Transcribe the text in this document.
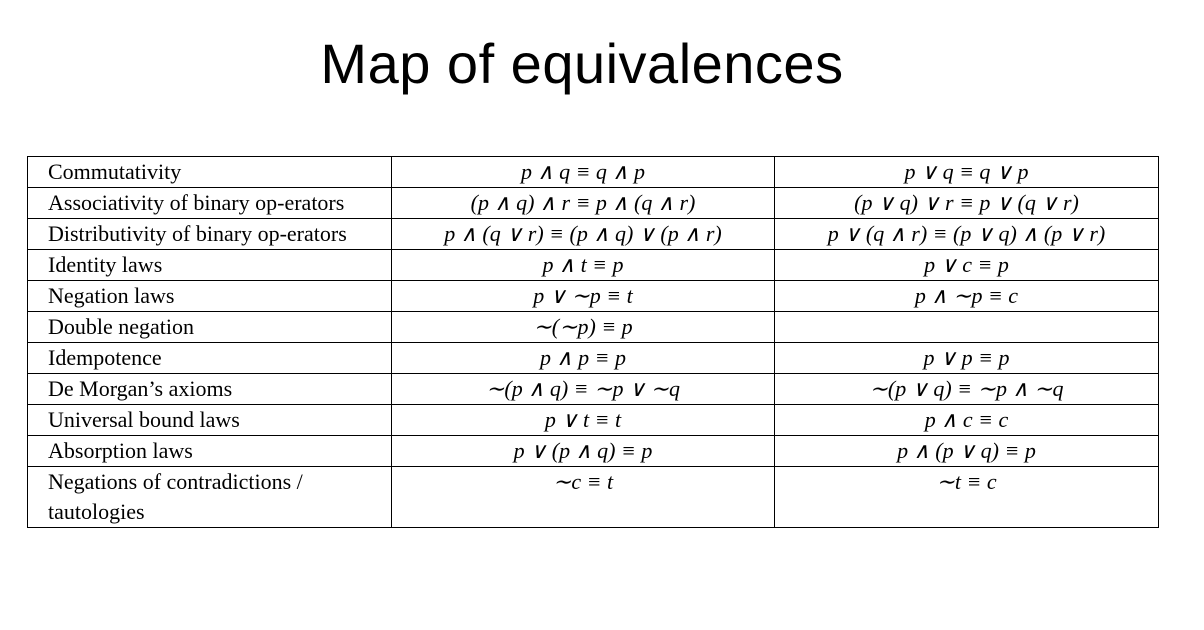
Map of equivalences
Commutativity	p ∧ q ≡ q ∧ p	p ∨ q ≡ q ∨ p
Associativity of binary op-erators	(p ∧ q) ∧ r ≡ p ∧ (q ∧ r)	(p ∨ q) ∨ r ≡ p ∨ (q ∨ r)
Distributivity of binary op-erators	p ∧ (q ∨ r) ≡ (p ∧ q) ∨ (p ∧ r)	p ∨ (q ∧ r) ≡ (p ∨ q) ∧ (p ∨ r)
Identity laws	p ∧ t ≡ p	p ∨ c ≡ p
Negation laws	p ∨ ∼p ≡ t	p ∧ ∼p ≡ c
Double negation	∼(∼p) ≡ p	
Idempotence	p ∧ p ≡ p	p ∨ p ≡ p
De Morgan’s axioms	∼(p ∧ q) ≡ ∼p ∨ ∼q	∼(p ∨ q) ≡ ∼p ∧ ∼q
Universal bound laws	p ∨ t ≡ t	p ∧ c ≡ c
Absorption laws	p ∨ (p ∧ q) ≡ p	p ∧ (p ∨ q) ≡ p
Negations of contradictions / tautologies	∼c ≡ t	∼t ≡ c
